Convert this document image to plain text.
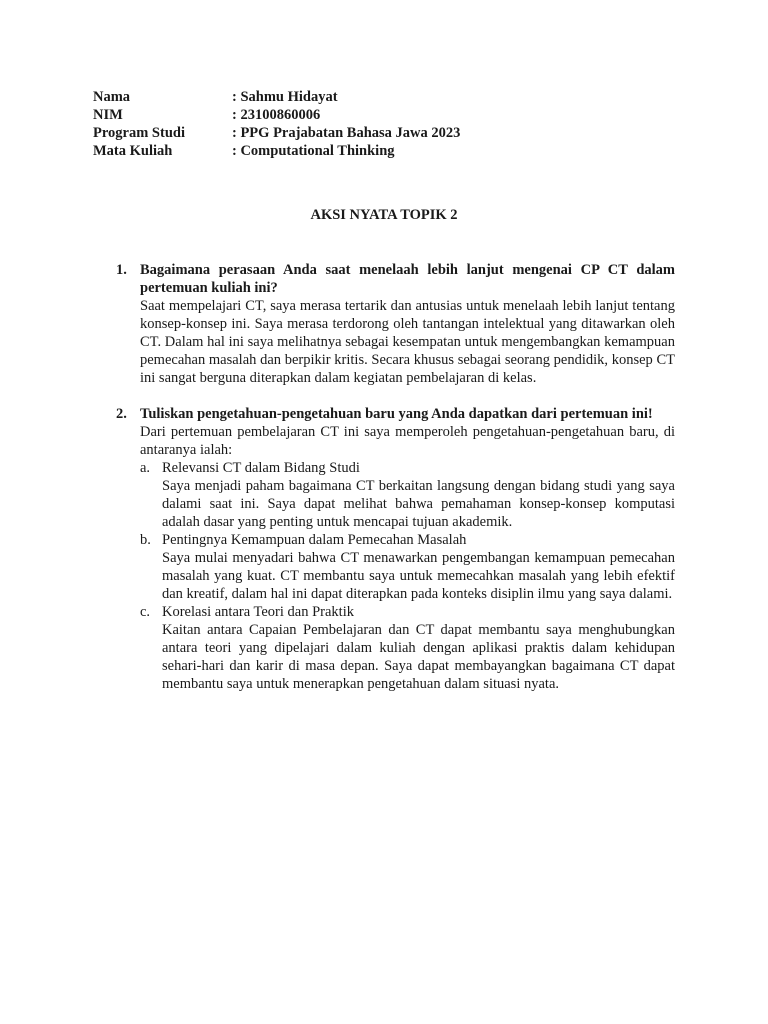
Nama	: Sahmu Hidayat
NIM	: 23100860006
Program Studi	: PPG Prajabatan Bahasa Jawa 2023
Mata Kuliah	: Computational Thinking
AKSI NYATA TOPIK 2
1. Bagaimana perasaan Anda saat menelaah lebih lanjut mengenai CP CT dalam pertemuan kuliah ini?
Saat mempelajari CT, saya merasa tertarik dan antusias untuk menelaah lebih lanjut tentang konsep-konsep ini. Saya merasa terdorong oleh tantangan intelektual yang ditawarkan oleh CT. Dalam hal ini saya melihatnya sebagai kesempatan untuk mengembangkan kemampuan pemecahan masalah dan berpikir kritis. Secara khusus sebagai seorang pendidik, konsep CT ini sangat berguna diterapkan dalam kegiatan pembelajaran di kelas.
2. Tuliskan pengetahuan-pengetahuan baru yang Anda dapatkan dari pertemuan ini!
Dari pertemuan pembelajaran CT ini saya memperoleh pengetahuan-pengetahuan baru, di antaranya ialah:
a. Relevansi CT dalam Bidang Studi
Saya menjadi paham bagaimana CT berkaitan langsung dengan bidang studi yang saya dalami saat ini. Saya dapat melihat bahwa pemahaman konsep-konsep komputasi adalah dasar yang penting untuk mencapai tujuan akademik.
b. Pentingnya Kemampuan dalam Pemecahan Masalah
Saya mulai menyadari bahwa CT menawarkan pengembangan kemampuan pemecahan masalah yang kuat. CT membantu saya untuk memecahkan masalah yang lebih efektif dan kreatif, dalam hal ini dapat diterapkan pada konteks disiplin ilmu yang saya dalami.
c. Korelasi antara Teori dan Praktik
Kaitan antara Capaian Pembelajaran dan CT dapat membantu saya menghubungkan antara teori yang dipelajari dalam kuliah dengan aplikasi praktis dalam kehidupan sehari-hari dan karir di masa depan. Saya dapat membayangkan bagaimana CT dapat membantu saya untuk menerapkan pengetahuan dalam situasi nyata.
